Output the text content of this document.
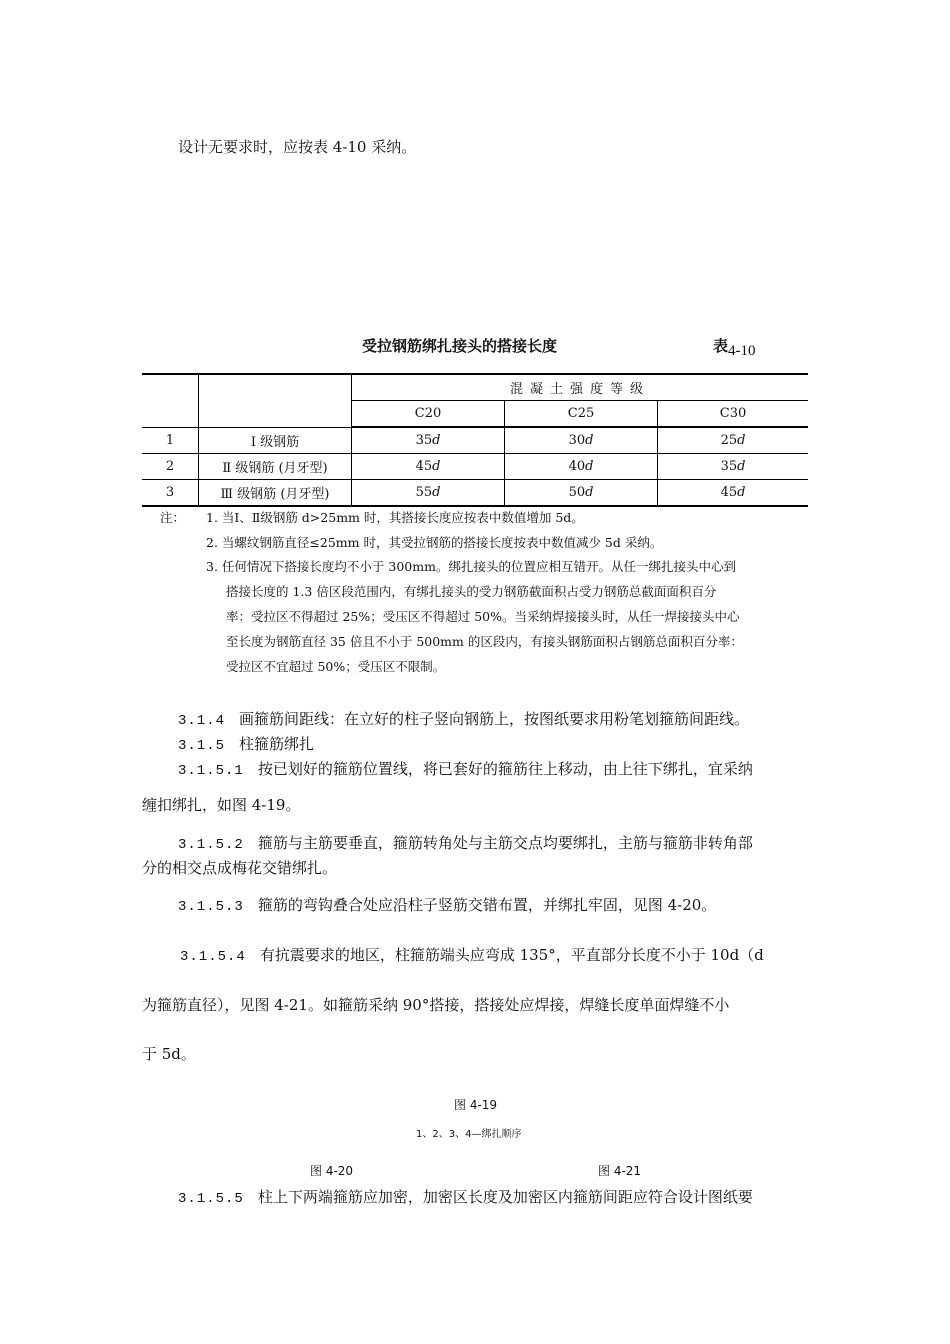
设计无要求时，应按表 4-10 采纳。
受拉钢筋绑扎接头的搭接长度	表4-10
		混凝土强度等级		
		C20	C25	C30
1	Ⅰ 级钢筋	35d	30d	25d
2	Ⅱ 级钢筋 (月牙型)	45d	40d	35d
3	Ⅲ 级钢筋 (月牙型)	55d	50d	45d
注： 1. 当Ⅰ、Ⅱ级钢筋 d>25mm 时，其搭接长度应按表中数值增加 5d。
2. 当螺纹钢筋直径≤25mm 时，其受拉钢筋的搭接长度按表中数值减少 5d 采纳。
3. 任何情况下搭接长度均不小于 300mm。绑扎接头的位置应相互错开。从任一绑扎接头中心到
搭接长度的 1.3 倍区段范围内，有绑扎接头的受力钢筋截面积占受力钢筋总截面面积百分
率：受拉区不得超过 25%；受压区不得超过 50%。当采纳焊接接头时，从任一焊接接头中心
至长度为钢筋直径 35 倍且不小于 500mm 的区段内，有接头钢筋面积占钢筋总面积百分率：
受拉区不宜超过 50%；受压区不限制。
3.1.4 画箍筋间距线：在立好的柱子竖向钢筋上，按图纸要求用粉笔划箍筋间距线。
3.1.5 柱箍筋绑扎
3.1.5.1 按已划好的箍筋位置线，将已套好的箍筋往上移动，由上往下绑扎，宜采纳
缠扣绑扎，如图 4-19。
3.1.5.2 箍筋与主筋要垂直，箍筋转角处与主筋交点均要绑扎，主筋与箍筋非转角部
分的相交点成梅花交错绑扎。
3.1.5.3 箍筋的弯钩叠合处应沿柱子竖筋交错布置，并绑扎牢固，见图 4-20。
3.1.5.4 有抗震要求的地区，柱箍筋端头应弯成 135°，平直部分长度不小于 10d（d
为箍筋直径），见图 4-21。如箍筋采纳 90°搭接，搭接处应焊接，焊缝长度单面焊缝不小
于 5d。
图 4-19
1、2、3、4—绑扎顺序
图 4-20	图 4-21
3.1.5.5 柱上下两端箍筋应加密，加密区长度及加密区内箍筋间距应符合设计图纸要
